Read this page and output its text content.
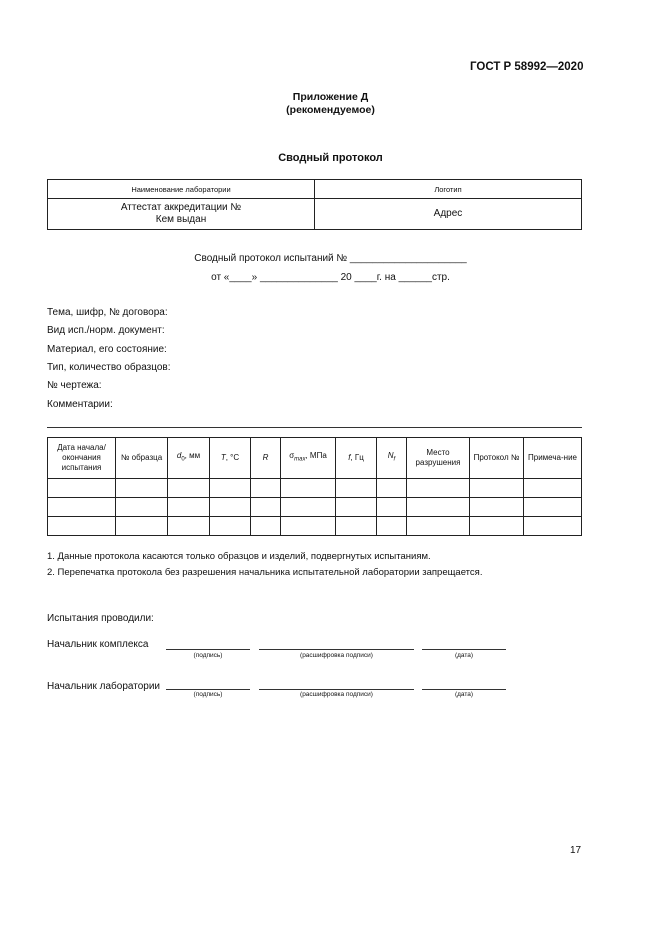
ГОСТ Р 58992—2020
Приложение Д
(рекомендуемое)
Сводный протокол
Наименование лаборатории	Логотип

Аттестат аккредитации №
Кем выдан	Адрес
Сводный протокол испытаний № _____________________
от «____» ______________ 20 ____г. на ______стр.
Тема, шифр, № договора:
Вид исп./норм. документ:
Материал, его состояние:
Тип, количество образцов:
№ чертежа:
Комментарии:
Дата начала/ окончания испытания	№ образца	$d_0$, мм	T, °С	R	$\sigma_{max}$, МПа	f, Гц	$N_f$	Место разрушения	Протокол №	Примеча-ние

1. Данные протокола касаются только образцов и изделий, подвергнутых испытаниям.
2. Перепечатка протокола без разрешения начальника испытательной лаборатории запрещается.
Испытания проводили:
Начальник комплекса
(подпись)	(расшифровка подписи)	(дата)
Начальник лаборатории
(подпись)	(расшифровка подписи)	(дата)
17
